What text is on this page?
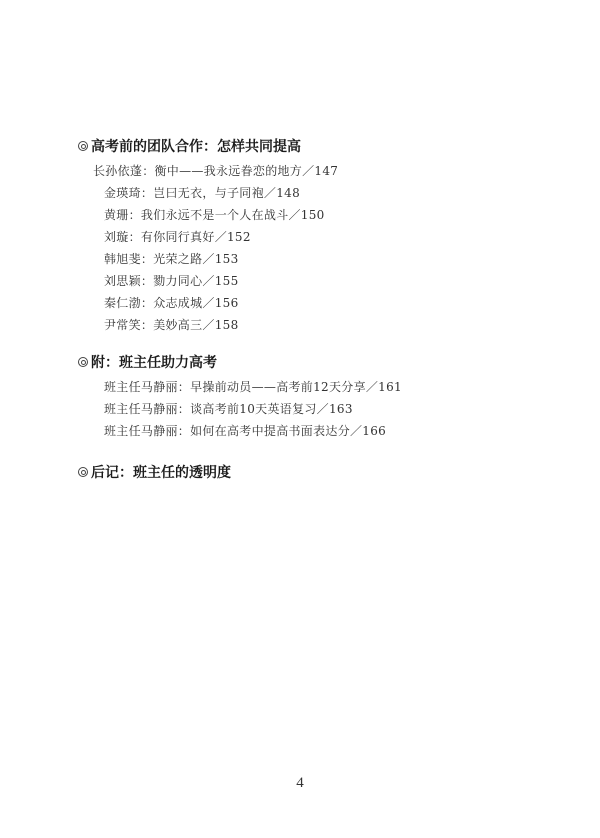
高考前的团队合作：怎样共同提高
长孙依蓬：衡中——我永远眷恋的地方／147
金瑛琦：岂曰无衣，与子同袍／148
黄珊：我们永远不是一个人在战斗／150
刘璇：有你同行真好／152
韩旭斐：光荣之路／153
刘思颖：勠力同心／155
秦仁渤：众志成城／156
尹常笑：美妙高三／158
附：班主任助力高考
班主任马静丽：早操前动员——高考前12天分享／161
班主任马静丽：谈高考前10天英语复习／163
班主任马静丽：如何在高考中提高书面表达分／166
后记：班主任的透明度
4
